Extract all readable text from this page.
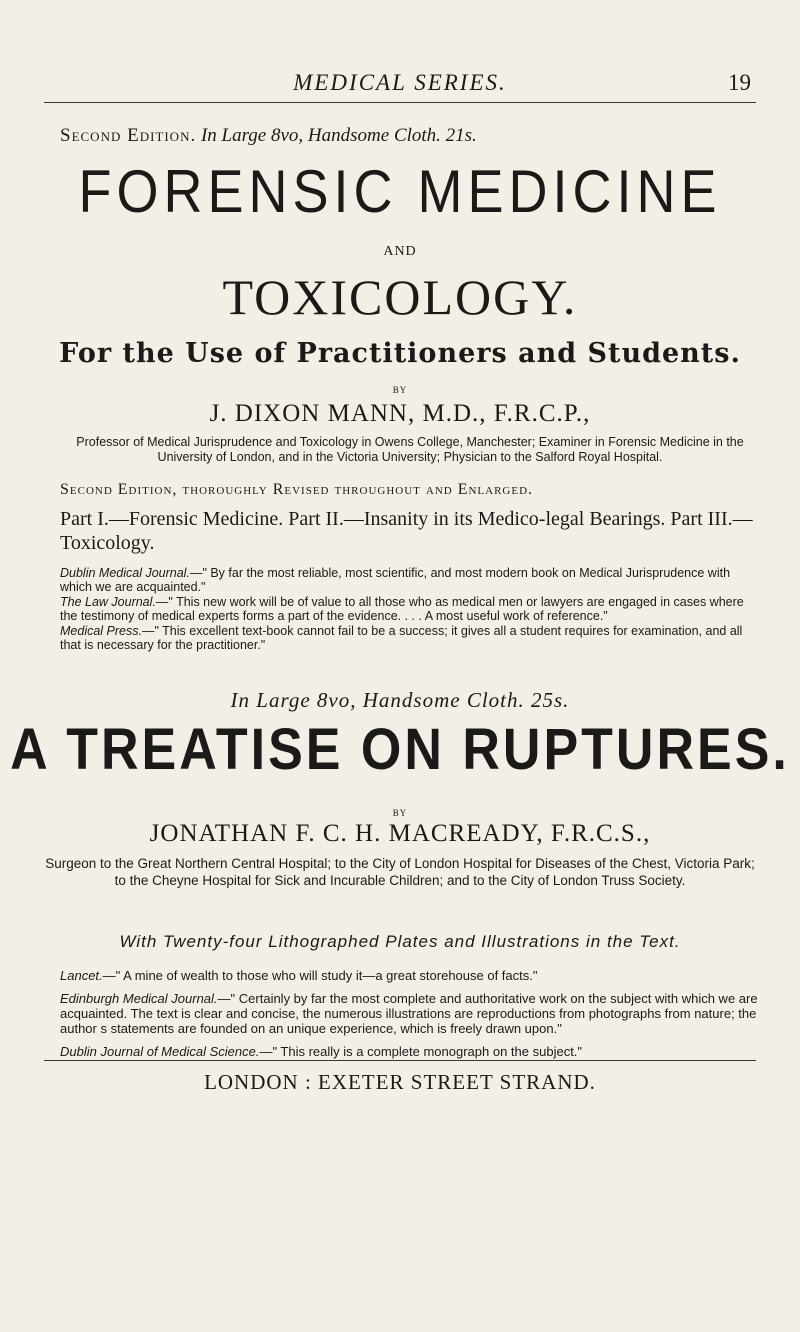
MEDICAL SERIES.	19
Second Edition. In Large 8vo, Handsome Cloth. 21s.
FORENSIC MEDICINE
AND
TOXICOLOGY.
For the Use of Practitioners and Students.
BY
J. DIXON MANN, M.D., F.R.C.P.,
Professor of Medical Jurisprudence and Toxicology in Owens College, Manchester; Examiner in Forensic Medicine in the University of London, and in the Victoria University; Physician to the Salford Royal Hospital.
Second Edition, thoroughly Revised throughout and Enlarged.
Part I.—Forensic Medicine. Part II.—Insanity in its Medico-legal Bearings. Part III.—Toxicology.

Dublin Medical Journal.—" By far the most reliable, most scientific, and most modern book on Medical Jurisprudence with which we are acquainted."

The Law Journal.—" This new work will be of value to all those who as medical men or lawyers are engaged in cases where the testimony of medical experts forms a part of the evidence. . . . A most useful work of reference."

Medical Press.—" This excellent text-book cannot fail to be a success; it gives all a student requires for examination, and all that is necessary for the practitioner."

In Large 8vo, Handsome Cloth. 25s.
A TREATISE ON RUPTURES.
BY
JONATHAN F. C. H. MACREADY, F.R.C.S.,
Surgeon to the Great Northern Central Hospital; to the City of London Hospital for Diseases of the Chest, Victoria Park; to the Cheyne Hospital for Sick and Incurable Children; and to the City of London Truss Society.
With Twenty-four Lithographed Plates and Illustrations in the Text.

Lancet.—" A mine of wealth to those who will study it—a great storehouse of facts."

Edinburgh Medical Journal.—" Certainly by far the most complete and authoritative work on the subject with which we are acquainted. The text is clear and concise, the numerous illustrations are reproductions from photographs from nature; the author s statements are founded on an unique experience, which is freely drawn upon."

Dublin Journal of Medical Science.—" This really is a complete monograph on the subject."

LONDON : EXETER STREET STRAND.
